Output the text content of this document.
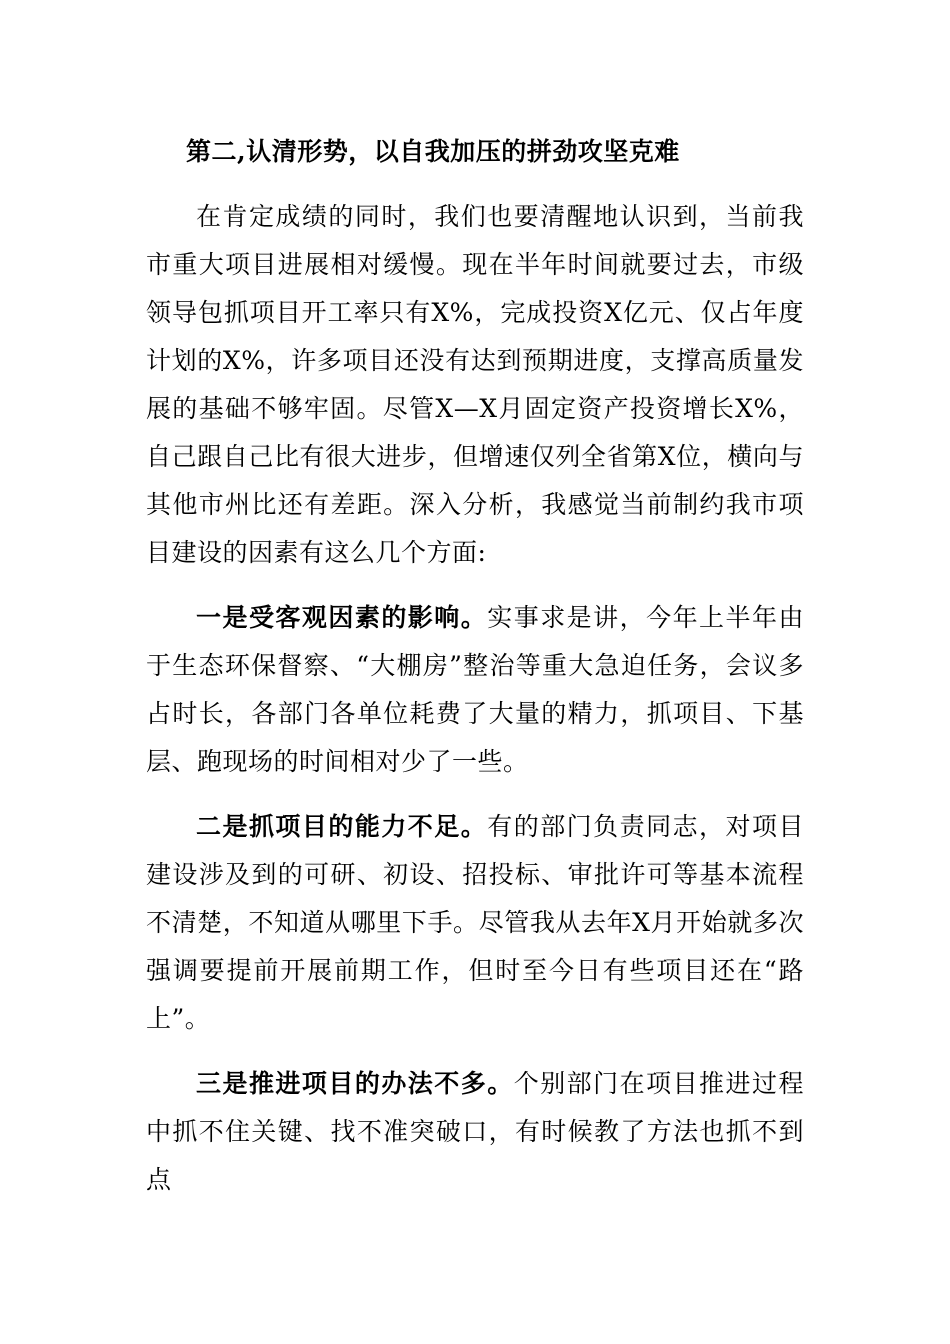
第二,认清形势，以自我加压的拼劲攻坚克难

在肯定成绩的同时，我们也要清醒地认识到，当前我市重大项目进展相对缓慢。现在半年时间就要过去，市级领导包抓项目开工率只有X%，完成投资X亿元、仅占年度计划的X%，许多项目还没有达到预期进度，支撑高质量发展的基础不够牢固。尽管X—X月固定资产投资增长X%，自己跟自己比有很大进步，但增速仅列全省第X位，横向与其他市州比还有差距。深入分析，我感觉当前制约我市项目建设的因素有这么几个方面:

一是受客观因素的影响。实事求是讲，今年上半年由于生态环保督察、“大棚房”整治等重大急迫任务，会议多占时长，各部门各单位耗费了大量的精力，抓项目、下基层、跑现场的时间相对少了一些。

二是抓项目的能力不足。有的部门负责同志，对项目建设涉及到的可研、初设、招投标、审批许可等基本流程不清楚，不知道从哪里下手。尽管我从去年X月开始就多次强调要提前开展前期工作，但时至今日有些项目还在“路上”。

三是推进项目的办法不多。个别部门在项目推进过程中抓不住关键、找不准突破口，有时候教了方法也抓不到点
